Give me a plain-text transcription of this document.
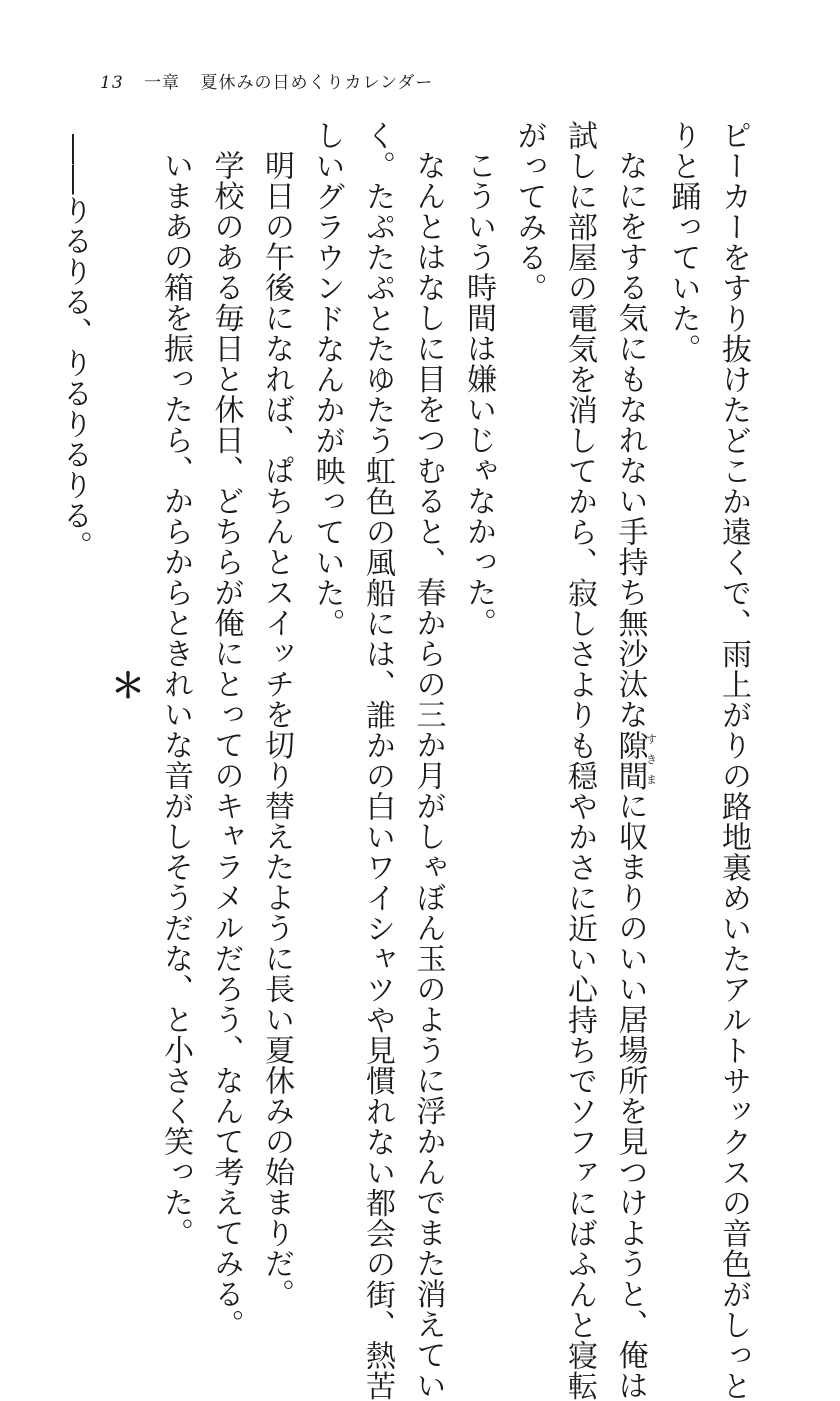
13 一章 夏休みの日めくりカレンダー
ピーカーをすり抜けたどこか遠くで、雨上がりの路地裏めいたアルトサックスの音色がしっと
りと踊っていた。
なにをする気にもなれない手持ち無沙汰な隙間すきまに収まりのいい居場所を見つけようと、俺は
試しに部屋の電気を消してから、寂しさよりも穏やかさに近い心持ちでソファにばふんと寝転
がってみる。
こういう時間は嫌いじゃなかった。
なんとはなしに目をつむると、春からの三か月がしゃぼん玉のように浮かんでまた消えてい
く。たぷたぷとたゆたう虹色の風船には、誰かの白いワイシャツや見慣れない都会の街、熱苦
しいグラウンドなんかが映っていた。
明日の午後になれば、ぱちんとスイッチを切り替えたように長い夏休みの始まりだ。
学校のある毎日と休日、どちらが俺にとってのキャラメルだろう、なんて考えてみる。
いまあの箱を振ったら、からからときれいな音がしそうだな、と小さく笑った。
＊
――りるりる、りるりるりる。
